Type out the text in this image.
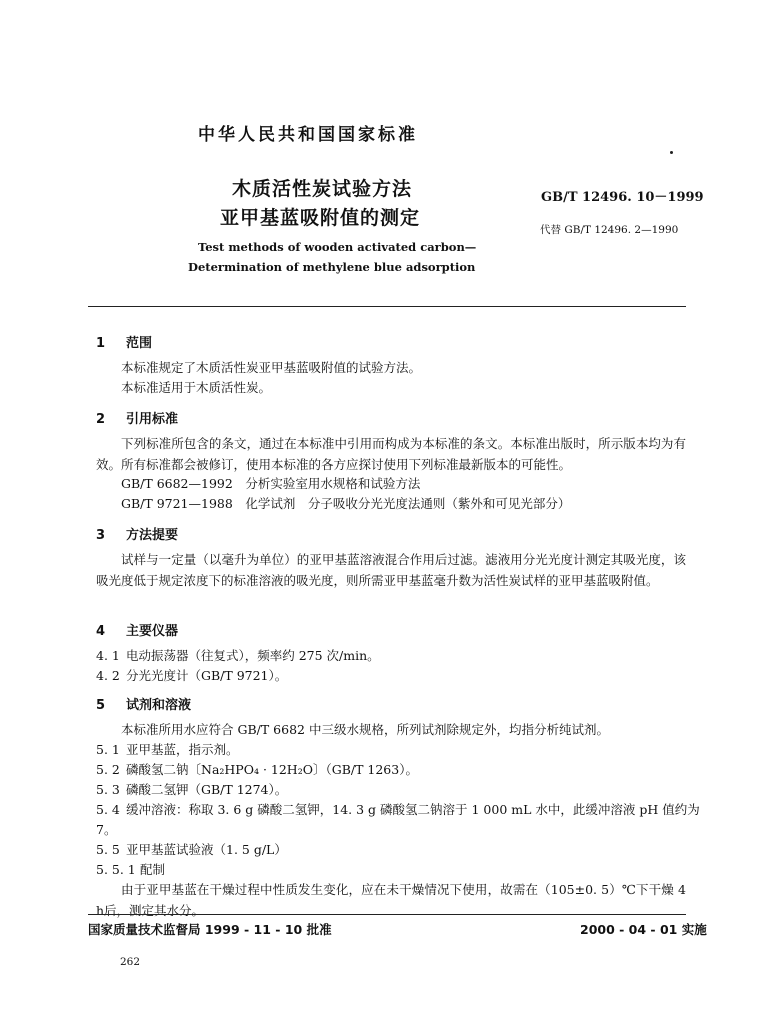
中华人民共和国国家标准
木质活性炭试验方法
亚甲基蓝吸附值的测定
GB/T 12496. 10－1999
代替 GB/T 12496. 2—1990
Test methods of wooden activated carbon—
Determination of methylene blue adsorption
1 范围
本标准规定了木质活性炭亚甲基蓝吸附值的试验方法。
本标准适用于木质活性炭。
2 引用标准
下列标准所包含的条文，通过在本标准中引用而构成为本标准的条文。本标准出版时，所示版本均为有效。所有标准都会被修订，使用本标准的各方应探讨使用下列标准最新版本的可能性。
GB/T 6682—1992　分析实验室用水规格和试验方法
GB/T 9721—1988　化学试剂　分子吸收分光光度法通则（紫外和可见光部分）
3 方法提要
试样与一定量（以毫升为单位）的亚甲基蓝溶液混合作用后过滤。滤液用分光光度计测定其吸光度，该吸光度低于规定浓度下的标准溶液的吸光度，则所需亚甲基蓝毫升数为活性炭试样的亚甲基蓝吸附值。
4 主要仪器
4. 1 电动振荡器（往复式），频率约 275 次/min。
4. 2 分光光度计（GB/T 9721）。
5 试剂和溶液
本标准所用水应符合 GB/T 6682 中三级水规格，所列试剂除规定外，均指分析纯试剂。
5. 1 亚甲基蓝，指示剂。
5. 2 磷酸氢二钠〔Na₂HPO₄ · 12H₂O〕（GB/T 1263）。
5. 3 磷酸二氢钾（GB/T 1274）。
5. 4 缓冲溶液：称取 3. 6 g 磷酸二氢钾，14. 3 g 磷酸氢二钠溶于 1 000 mL 水中，此缓冲溶液 pH 值约为
7。
5. 5 亚甲基蓝试验液（1. 5 g/L）
5. 5. 1 配制
由于亚甲基蓝在干燥过程中性质发生变化，应在未干燥情况下使用，故需在（105±0. 5）℃下干燥 4 h后，测定其水分。
国家质量技术监督局 1999 - 11 - 10 批准	2000 - 04 - 01 实施
262
